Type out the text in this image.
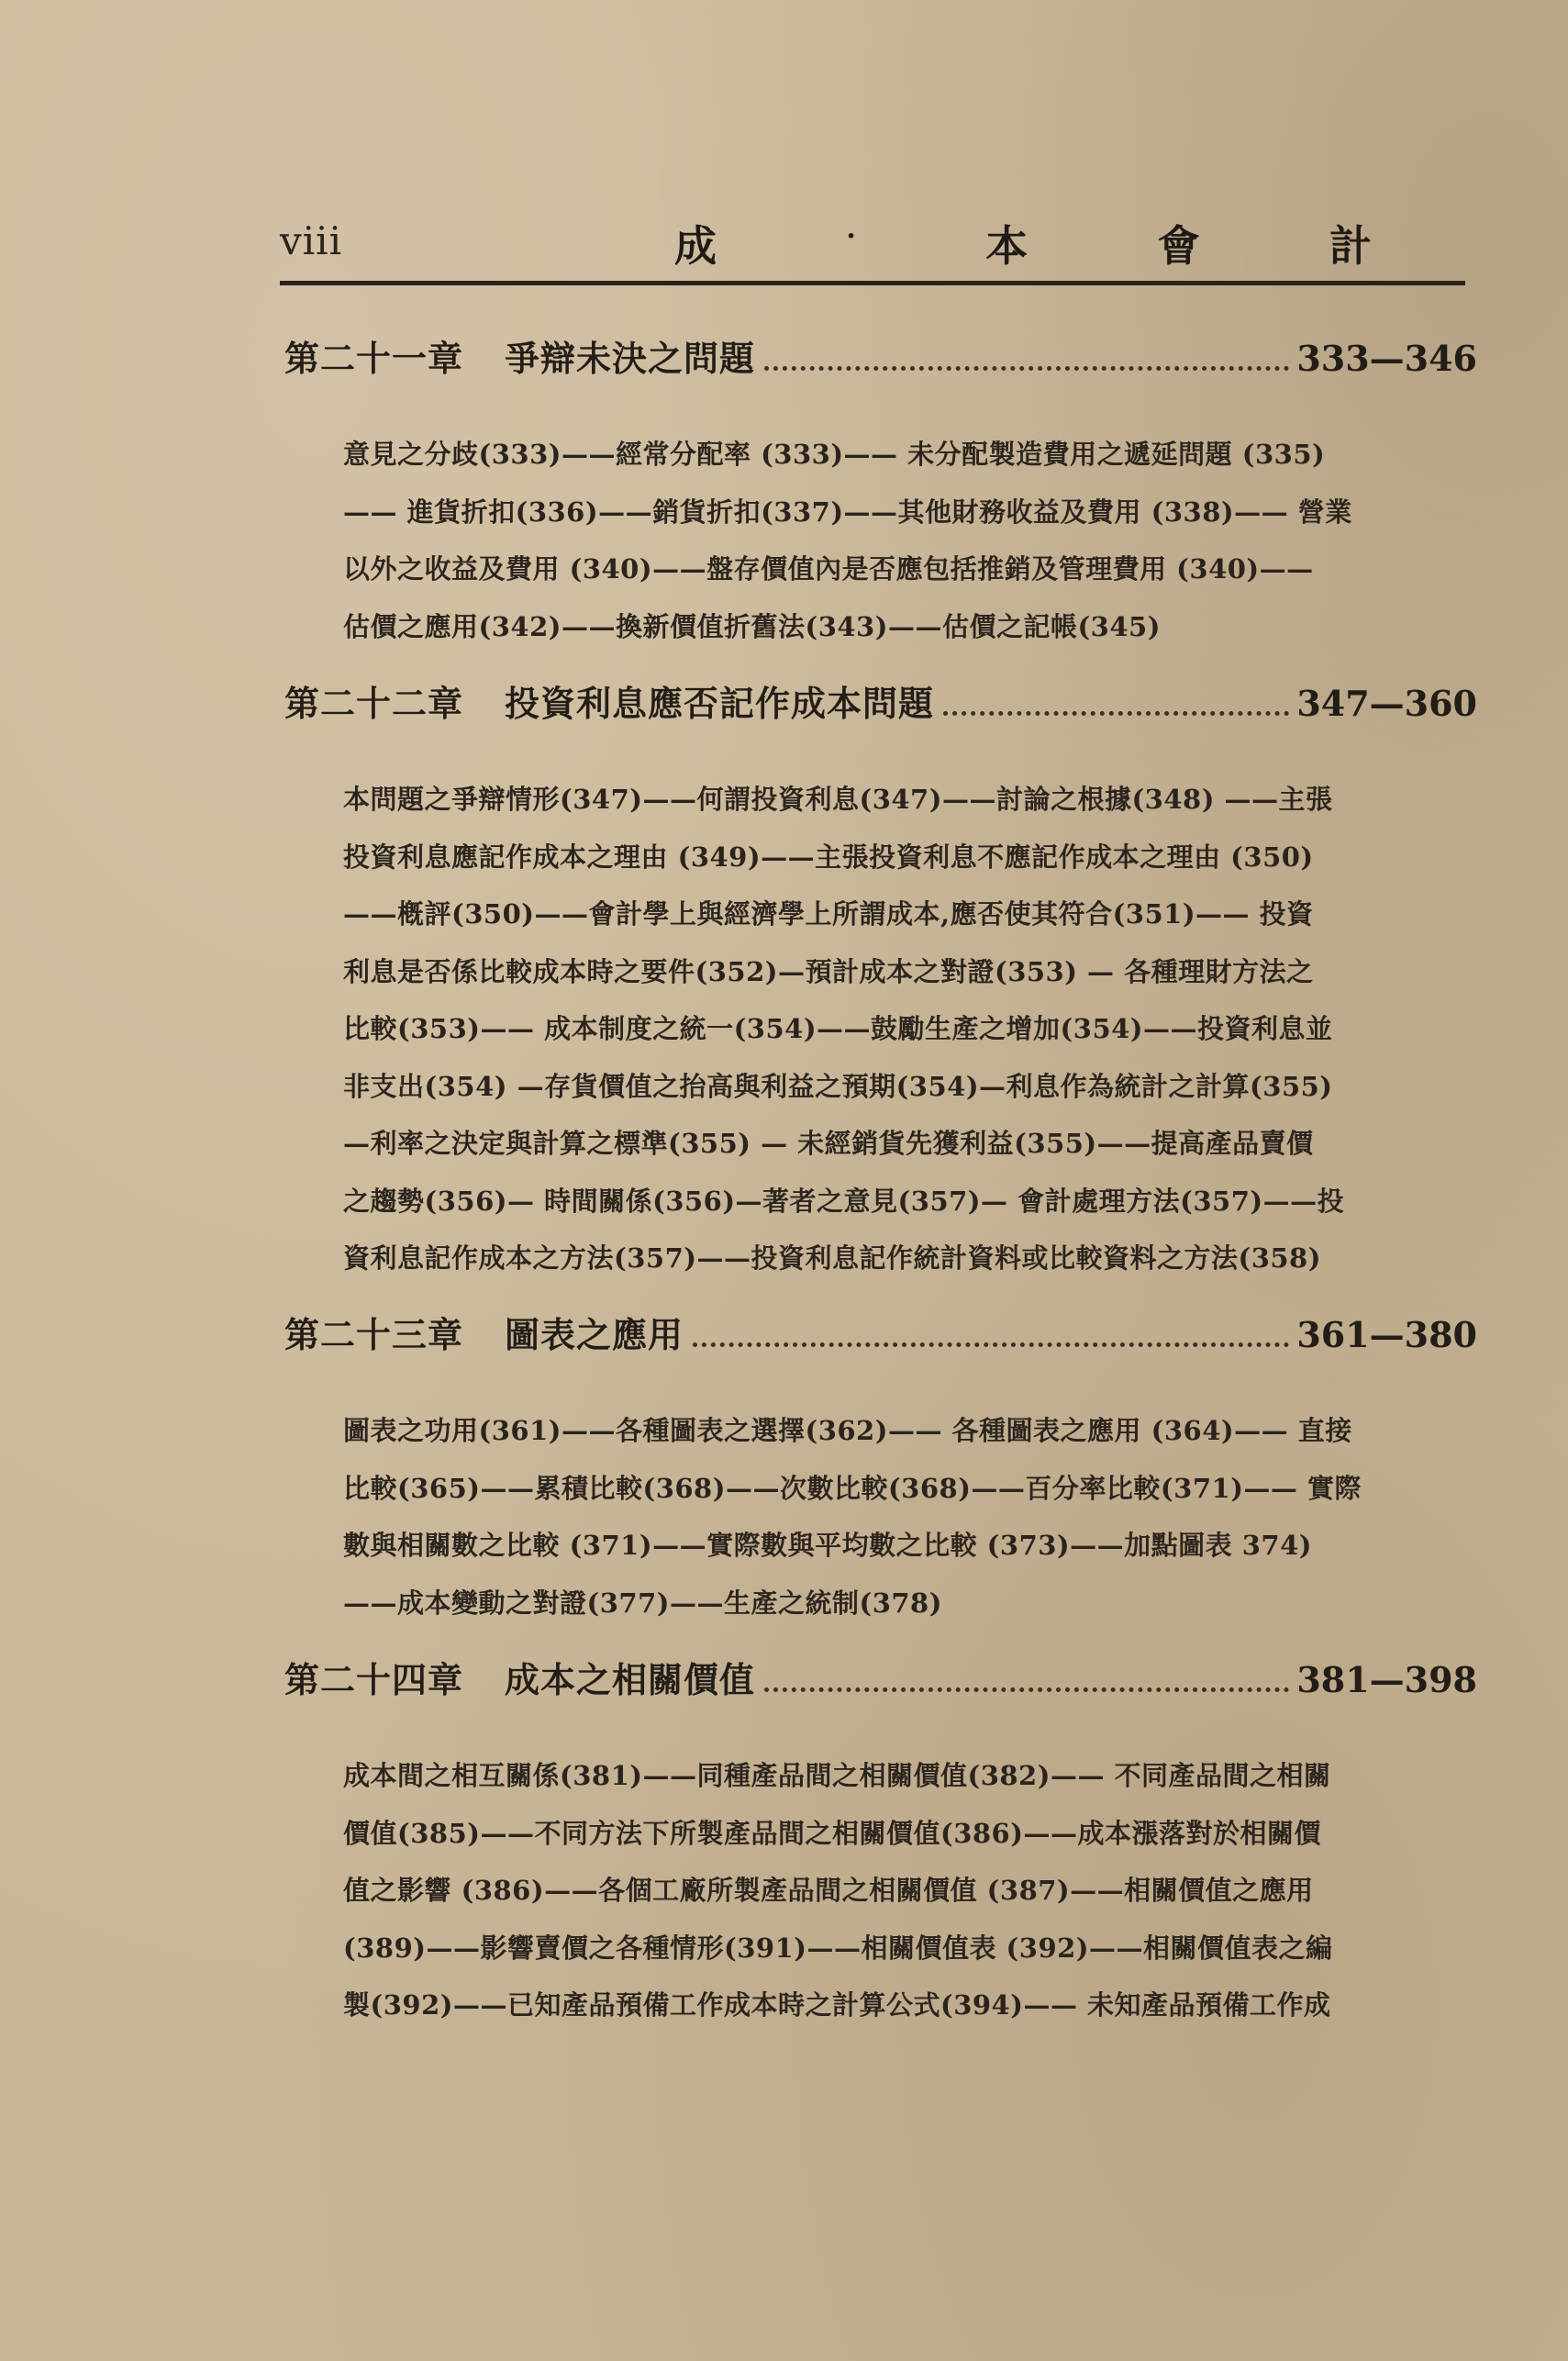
viii	成	·	本	會	計
第二十一章	爭辯未決之問題	333—346
意見之分歧(333)——經常分配率 (333)—— 未分配製造費用之遞延問題 (335)
—— 進貨折扣(336)——銷貨折扣(337)——其他財務收益及費用 (338)—— 營業
以外之收益及費用 (340)——盤存價值內是否應包括推銷及管理費用 (340)——
估價之應用(342)——換新價值折舊法(343)——估價之記帳(345)
第二十二章	投資利息應否記作成本問題	347—360
本問題之爭辯情形(347)——何謂投資利息(347)——討論之根據(348) ——主張
投資利息應記作成本之理由 (349)——主張投資利息不應記作成本之理由 (350)
——槪評(350)——會計學上與經濟學上所謂成本,應否使其符合(351)—— 投資
利息是否係比較成本時之要件(352)—預計成本之對證(353) — 各種理財方法之
比較(353)—— 成本制度之統一(354)——鼓勵生產之增加(354)——投資利息並
非支出(354) —存貨價值之抬高與利益之預期(354)—利息作為統計之計算(355)
—利率之決定與計算之標準(355) — 未經銷貨先獲利益(355)——提高產品賣價
之趨勢(356)— 時間關係(356)—著者之意見(357)— 會計處理方法(357)——投
資利息記作成本之方法(357)——投資利息記作統計資料或比較資料之方法(358)
第二十三章	圖表之應用	361—380
圖表之功用(361)——各種圖表之選擇(362)—— 各種圖表之應用 (364)—— 直接
比較(365)——累積比較(368)——次數比較(368)——百分率比較(371)—— 實際
數與相關數之比較 (371)——實際數與平均數之比較 (373)——加點圖表 374)
——成本變動之對證(377)——生產之統制(378)
第二十四章	成本之相關價值	381—398
成本間之相互關係(381)——同種產品間之相關價值(382)—— 不同產品間之相關
價值(385)——不同方法下所製產品間之相關價值(386)——成本漲落對於相關價
值之影響 (386)——各個工廠所製產品間之相關價值 (387)——相關價值之應用
(389)——影響賣價之各種情形(391)——相關價值表 (392)——相關價值表之編
製(392)——已知產品預備工作成本時之計算公式(394)—— 未知產品預備工作成
